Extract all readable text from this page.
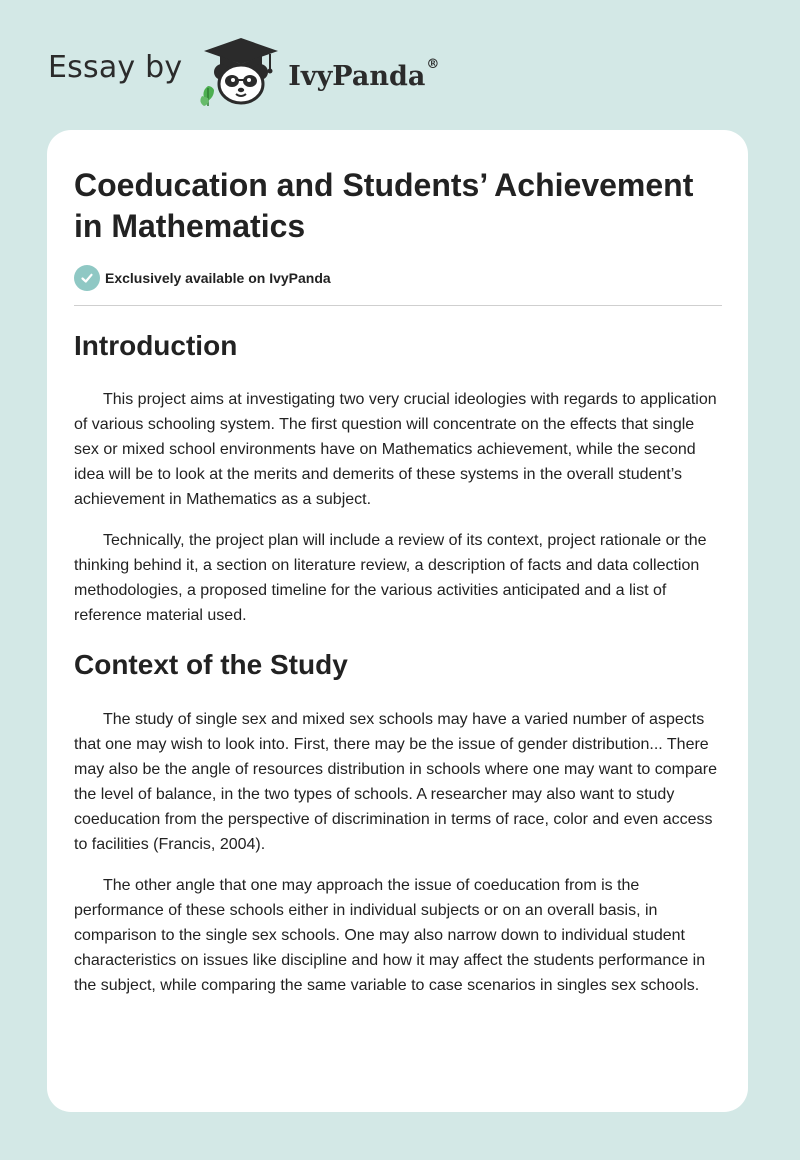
Essay by	IvyPanda®
Coeducation and Students’ Achievement in Mathematics
Exclusively available on IvyPanda
Introduction

This project aims at investigating two very crucial ideologies with regards to application of various schooling system. The first question will concentrate on the effects that single sex or mixed school environments have on Mathematics achievement, while the second idea will be to look at the merits and demerits of these systems in the overall student’s achievement in Mathematics as a subject.

Technically, the project plan will include a review of its context, project rationale or the thinking behind it, a section on literature review, a description of facts and data collection methodologies, a proposed timeline for the various activities anticipated and a list of reference material used.

Context of the Study

The study of single sex and mixed sex schools may have a varied number of aspects that one may wish to look into. First, there may be the issue of gender distribution... There may also be the angle of resources distribution in schools where one may want to compare the level of balance, in the two types of schools. A researcher may also want to study coeducation from the perspective of discrimination in terms of race, color and even access to facilities (Francis, 2004).

The other angle that one may approach the issue of coeducation from is the performance of these schools either in individual subjects or on an overall basis, in comparison to the single sex schools. One may also narrow down to individual student characteristics on issues like discipline and how it may affect the students performance in the subject, while comparing the same variable to case scenarios in singles sex schools.
